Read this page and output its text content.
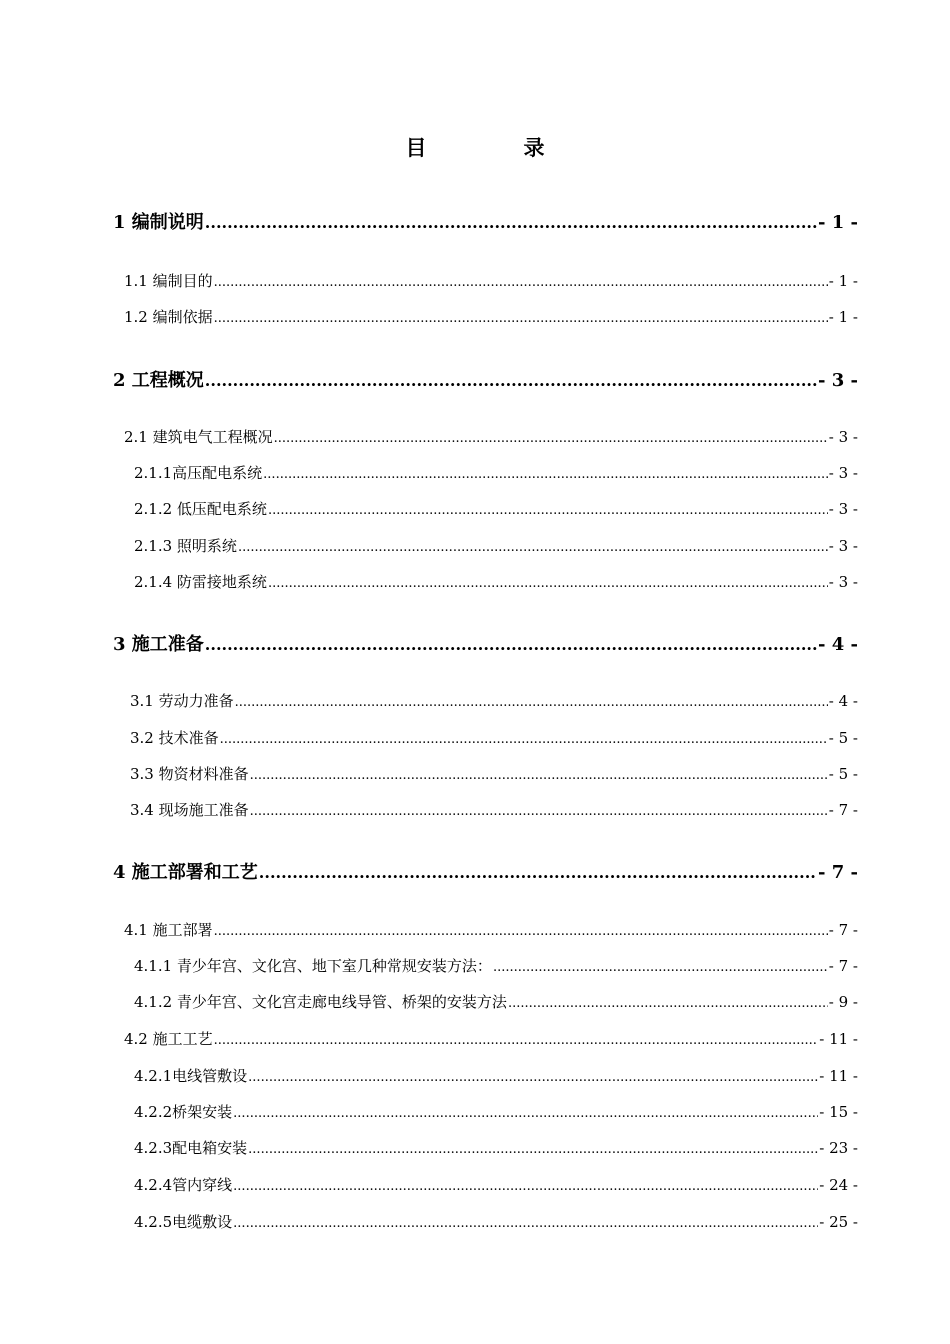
目　录
1 编制说明 .....	- 1 -
1.1 编制目的 .....	- 1 -
1.2 编制依据 .....	- 1 -
2 工程概况 .....	- 3 -
2.1 建筑电气工程概况 .....	- 3 -
2.1.1高压配电系统 .....	- 3 -
2.1.2 低压配电系统 .....	- 3 -
2.1.3 照明系统 .....	- 3 -
2.1.4 防雷接地系统 .....	- 3 -
3 施工准备 .....	- 4 -
3.1 劳动力准备 .....	- 4 -
3.2 技术准备 .....	- 5 -
3.3 物资材料准备 .....	- 5 -
3.4 现场施工准备 .....	- 7 -
4 施工部署和工艺 .....	- 7 -
4.1 施工部署 .....	- 7 -
4.1.1 青少年宫、文化宫、地下室几种常规安装方法： .....	- 7 -
4.1.2 青少年宫、文化宫走廊电线导管、桥架的安装方法 .....	- 9 -
4.2 施工工艺 .....	- 11 -
4.2.1电线管敷设 .....	- 11 -
4.2.2桥架安装 .....	- 15 -
4.2.3配电箱安装 .....	- 23 -
4.2.4管内穿线 .....	- 24 -
4.2.5电缆敷设 .....	- 25 -
